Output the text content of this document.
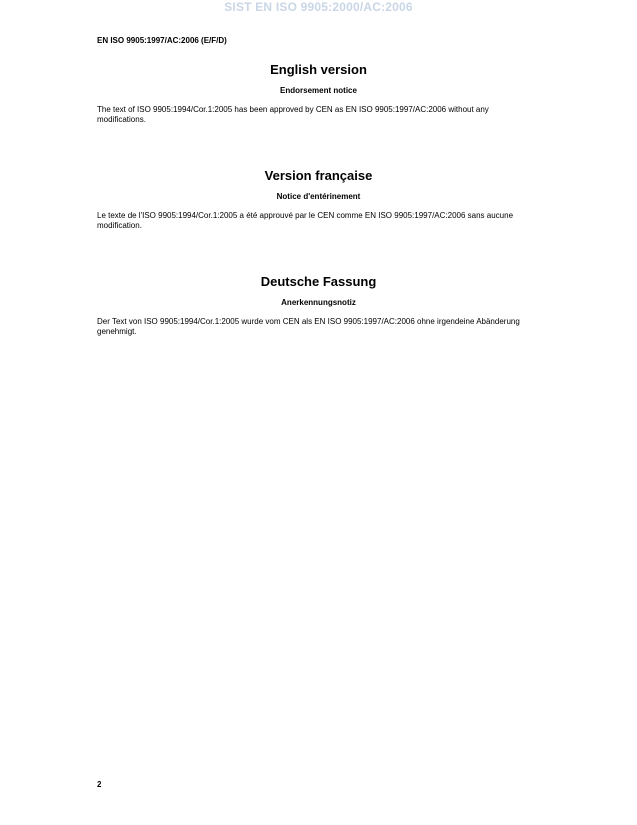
SIST EN ISO 9905:2000/AC:2006
EN ISO 9905:1997/AC:2006 (E/F/D)
English version

Endorsement notice

The text of ISO 9905:1994/Cor.1:2005 has been approved by CEN as EN ISO 9905:1997/AC:2006 without any modifications.

Version française

Notice d'entérinement

Le texte de l'ISO 9905:1994/Cor.1:2005 a été approuvé par le CEN comme EN ISO 9905:1997/AC:2006 sans aucune modification.

Deutsche Fassung

Anerkennungsnotiz

Der Text von ISO 9905:1994/Cor.1:2005 wurde vom CEN als EN ISO 9905:1997/AC:2006 ohne irgendeine Abänderung genehmigt.

2
